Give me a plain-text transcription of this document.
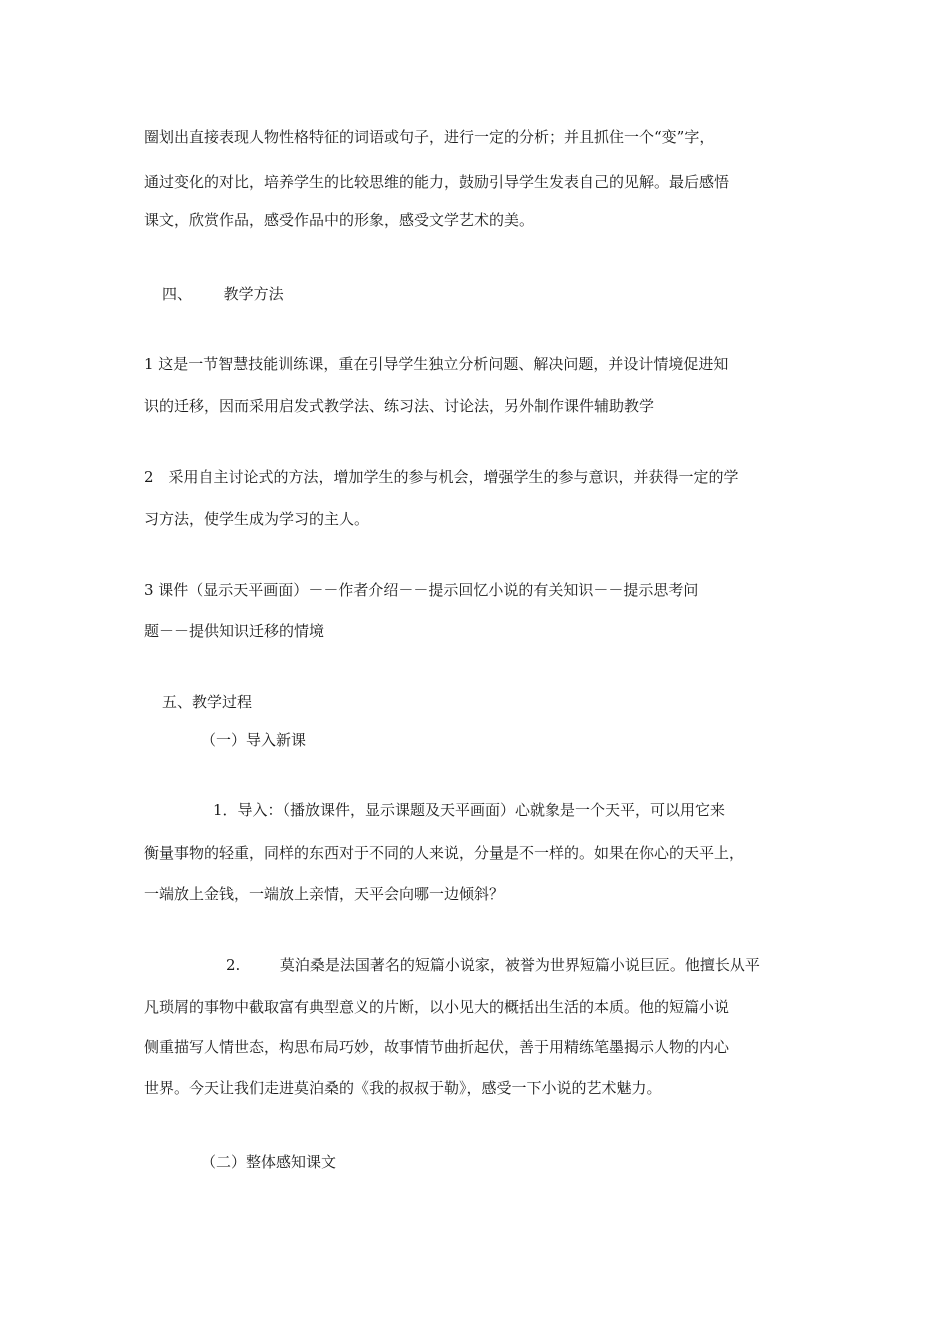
圈划出直接表现人物性格特征的词语或句子，进行一定的分析；并且抓住一个“变”字，
通过变化的对比，培养学生的比较思维的能力，鼓励引导学生发表自己的见解。最后感悟
课文，欣赏作品，感受作品中的形象，感受文学艺术的美。
四、 教学方法
1 这是一节智慧技能训练课，重在引导学生独立分析问题、解决问题，并设计情境促进知
识的迁移，因而采用启发式教学法、练习法、讨论法，另外制作课件辅助教学
2　采用自主讨论式的方法，增加学生的参与机会，增强学生的参与意识，并获得一定的学
习方法，使学生成为学习的主人。
3 课件（显示天平画面）－－作者介绍－－提示回忆小说的有关知识－－提示思考问
题－－提供知识迁移的情境
五、教学过程
（一）导入新课
1．导入：（播放课件，显示课题及天平画面）心就象是一个天平，可以用它来
衡量事物的轻重，同样的东西对于不同的人来说，分量是不一样的。如果在你心的天平上，
一端放上金钱，一端放上亲情，天平会向哪一边倾斜？
2.	莫泊桑是法国著名的短篇小说家，被誉为世界短篇小说巨匠。他擅长从平
凡琐屑的事物中截取富有典型意义的片断，以小见大的概括出生活的本质。他的短篇小说
侧重描写人情世态，构思布局巧妙，故事情节曲折起伏，善于用精练笔墨揭示人物的内心
世界。今天让我们走进莫泊桑的《我的叔叔于勒》，感受一下小说的艺术魅力。
（二）整体感知课文
